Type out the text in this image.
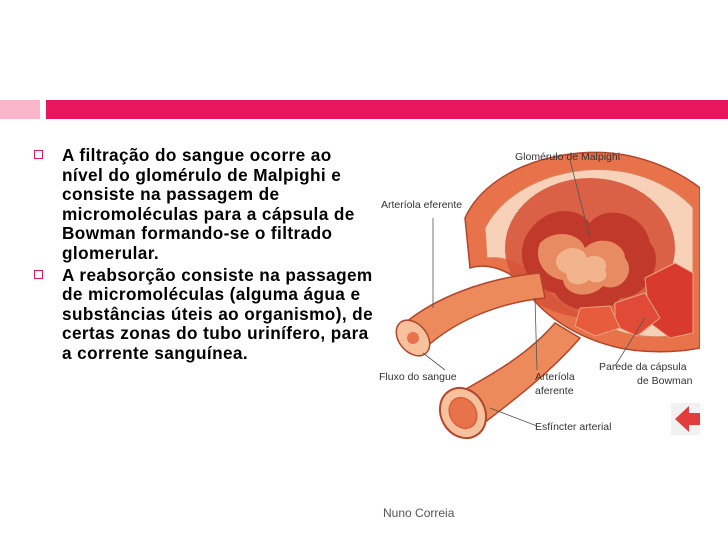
A filtração do sangue ocorre ao nível do glomérulo de Malpighi e consiste na passagem de micromoléculas para a cápsula de Bowman formando-se o filtrado glomerular.
A reabsorção consiste na passagem de micromoléculas (alguma água e substâncias úteis ao organismo), de certas zonas do tubo urinífero, para a corrente sanguínea.
Glomérulo de Malpighi
Arteríola eferente
Fluxo do sangue	Arteríola
aferente
Parede da cápsula
de Bowman
Esfíncter arterial
Nuno Correia
